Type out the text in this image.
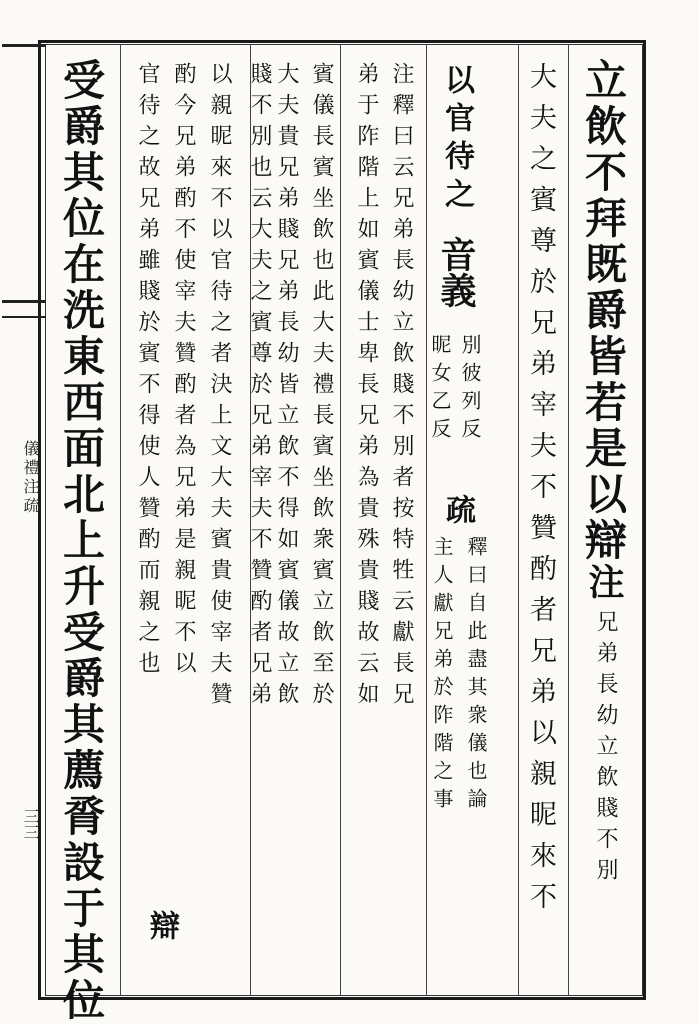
儀禮注疏
三三
立飲不拜既爵皆若是以辯
注
兄弟長幼立飲賤不別
大夫之賓尊於兄弟宰夫不贊酌者兄弟以親昵來不
以官待之
音義
別彼列反
昵女乙反
疏
釋曰自此盡其衆儀也論
主人獻兄弟於阼階之事
注釋曰云兄弟長幼立飲賤不別者按特牲云獻長兄
弟于阼階上如賓儀士卑長兄弟為貴殊貴賤故云如
賓儀長賓坐飲也此大夫禮長賓坐飲衆賓立飲至於
大夫貴兄弟賤兄弟長幼皆立飲不得如賓儀故立飲
賤不別也云大夫之賓尊於兄弟宰夫不贊酌者兄弟
以親昵來不以官待之者決上文大夫賓貴使宰夫贊
酌今兄弟酌不使宰夫贊酌者為兄弟是親昵不以
官待之故兄弟雖賤於賓不得使人贊酌而親之也
辯
受爵其位在洗東西面北上升受爵其薦脀設于其位
